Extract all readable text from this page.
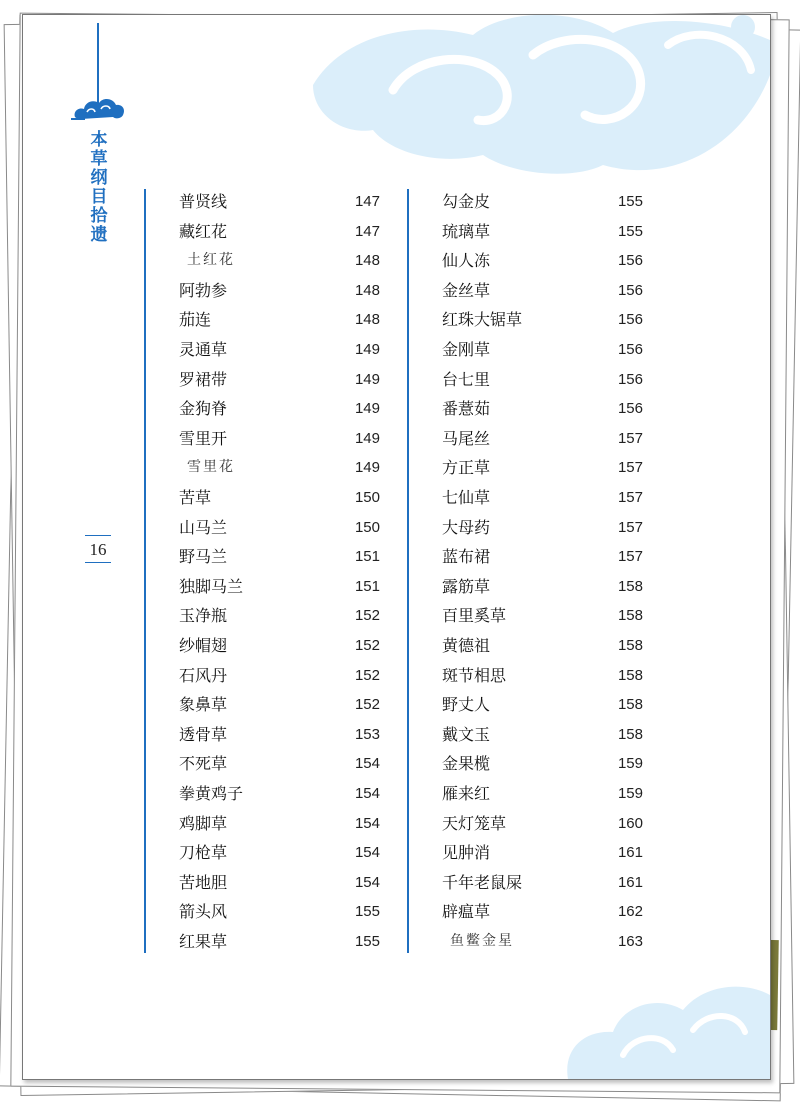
本草纲目拾遗
16
普贤线	147
藏红花	147
土红花	148
阿勃参	148
茄连	148
灵通草	149
罗裙带	149
金狗脊	149
雪里开	149
雪里花	149
苦草	150
山马兰	150
野马兰	151
独脚马兰	151
玉净瓶	152
纱帽翅	152
石风丹	152
象鼻草	152
透骨草	153
不死草	154
拳黄鸡子	154
鸡脚草	154
刀枪草	154
苦地胆	154
箭头风	155
红果草	155
勾金皮	155
琉璃草	155
仙人冻	156
金丝草	156
红珠大锯草	156
金刚草	156
台七里	156
番薏茹	156
马尾丝	157
方正草	157
七仙草	157
大母药	157
蓝布裙	157
露筋草	158
百里奚草	158
黄德祖	158
斑节相思	158
野丈人	158
戴文玉	158
金果榄	159
雁来红	159
天灯笼草	160
见肿消	161
千年老鼠屎	161
辟瘟草	162
鱼鳖金星	163
